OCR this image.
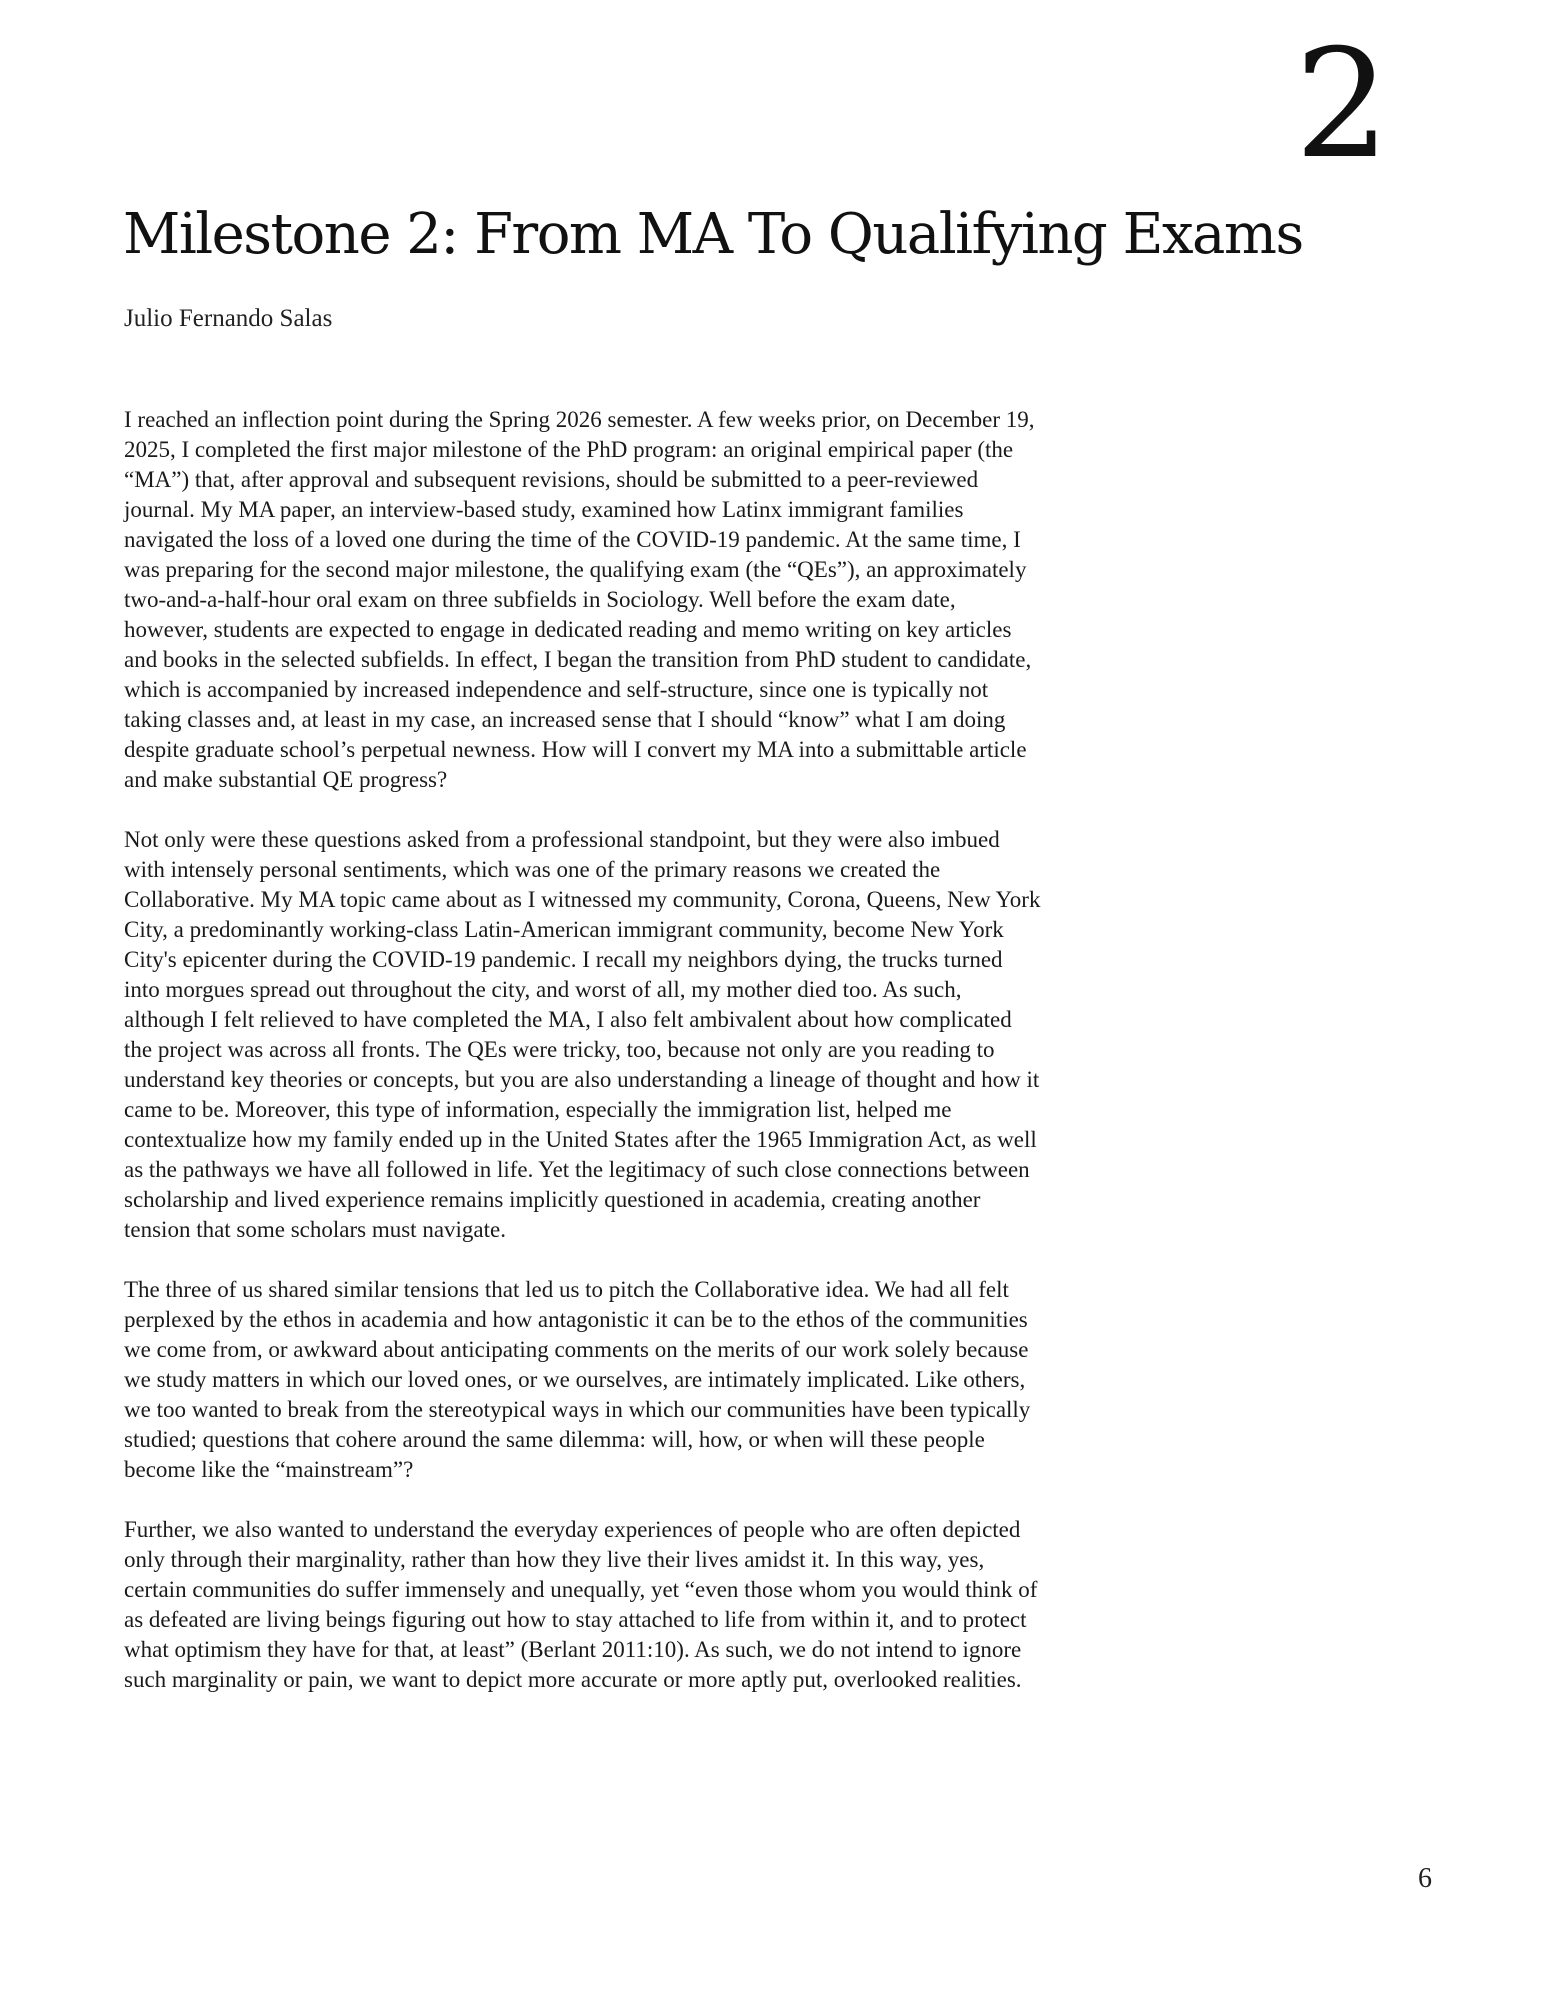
2
Milestone 2: From MA To Qualifying Exams
Julio Fernando Salas

I reached an inflection point during the Spring 2026 semester. A few weeks prior, on December 19, 2025, I completed the first major milestone of the PhD program: an original empirical paper (the “MA”) that, after approval and subsequent revisions, should be submitted to a peer-reviewed journal. My MA paper, an interview-based study, examined how Latinx immigrant families navigated the loss of a loved one during the time of the COVID-19 pandemic. At the same time, I was preparing for the second major milestone, the qualifying exam (the “QEs”), an approximately two-and-a-half-hour oral exam on three subfields in Sociology. Well before the exam date, however, students are expected to engage in dedicated reading and memo writing on key articles and books in the selected subfields. In effect, I began the transition from PhD student to candidate, which is accompanied by increased independence and self-structure, since one is typically not taking classes and, at least in my case, an increased sense that I should “know” what I am doing despite graduate school’s perpetual newness. How will I convert my MA into a submittable article and make substantial QE progress?

Not only were these questions asked from a professional standpoint, but they were also imbued with intensely personal sentiments, which was one of the primary reasons we created the Collaborative. My MA topic came about as I witnessed my community, Corona, Queens, New York City, a predominantly working-class Latin-American immigrant community, become New York City's epicenter during the COVID-19 pandemic. I recall my neighbors dying, the trucks turned into morgues spread out throughout the city, and worst of all, my mother died too. As such, although I felt relieved to have completed the MA, I also felt ambivalent about how complicated the project was across all fronts. The QEs were tricky, too, because not only are you reading to understand key theories or concepts, but you are also understanding a lineage of thought and how it came to be. Moreover, this type of information, especially the immigration list, helped me contextualize how my family ended up in the United States after the 1965 Immigration Act, as well as the pathways we have all followed in life. Yet the legitimacy of such close connections between scholarship and lived experience remains implicitly questioned in academia, creating another tension that some scholars must navigate.

The three of us shared similar tensions that led us to pitch the Collaborative idea. We had all felt perplexed by the ethos in academia and how antagonistic it can be to the ethos of the communities we come from, or awkward about anticipating comments on the merits of our work solely because we study matters in which our loved ones, or we ourselves, are intimately implicated. Like others, we too wanted to break from the stereotypical ways in which our communities have been typically studied; questions that cohere around the same dilemma: will, how, or when will these people become like the “mainstream”?

Further, we also wanted to understand the everyday experiences of people who are often depicted only through their marginality, rather than how they live their lives amidst it. In this way, yes, certain communities do suffer immensely and unequally, yet “even those whom you would think of as defeated are living beings figuring out how to stay attached to life from within it, and to protect what optimism they have for that, at least” (Berlant 2011:10). As such, we do not intend to ignore such marginality or pain, we want to depict more accurate or more aptly put, overlooked realities.

6
